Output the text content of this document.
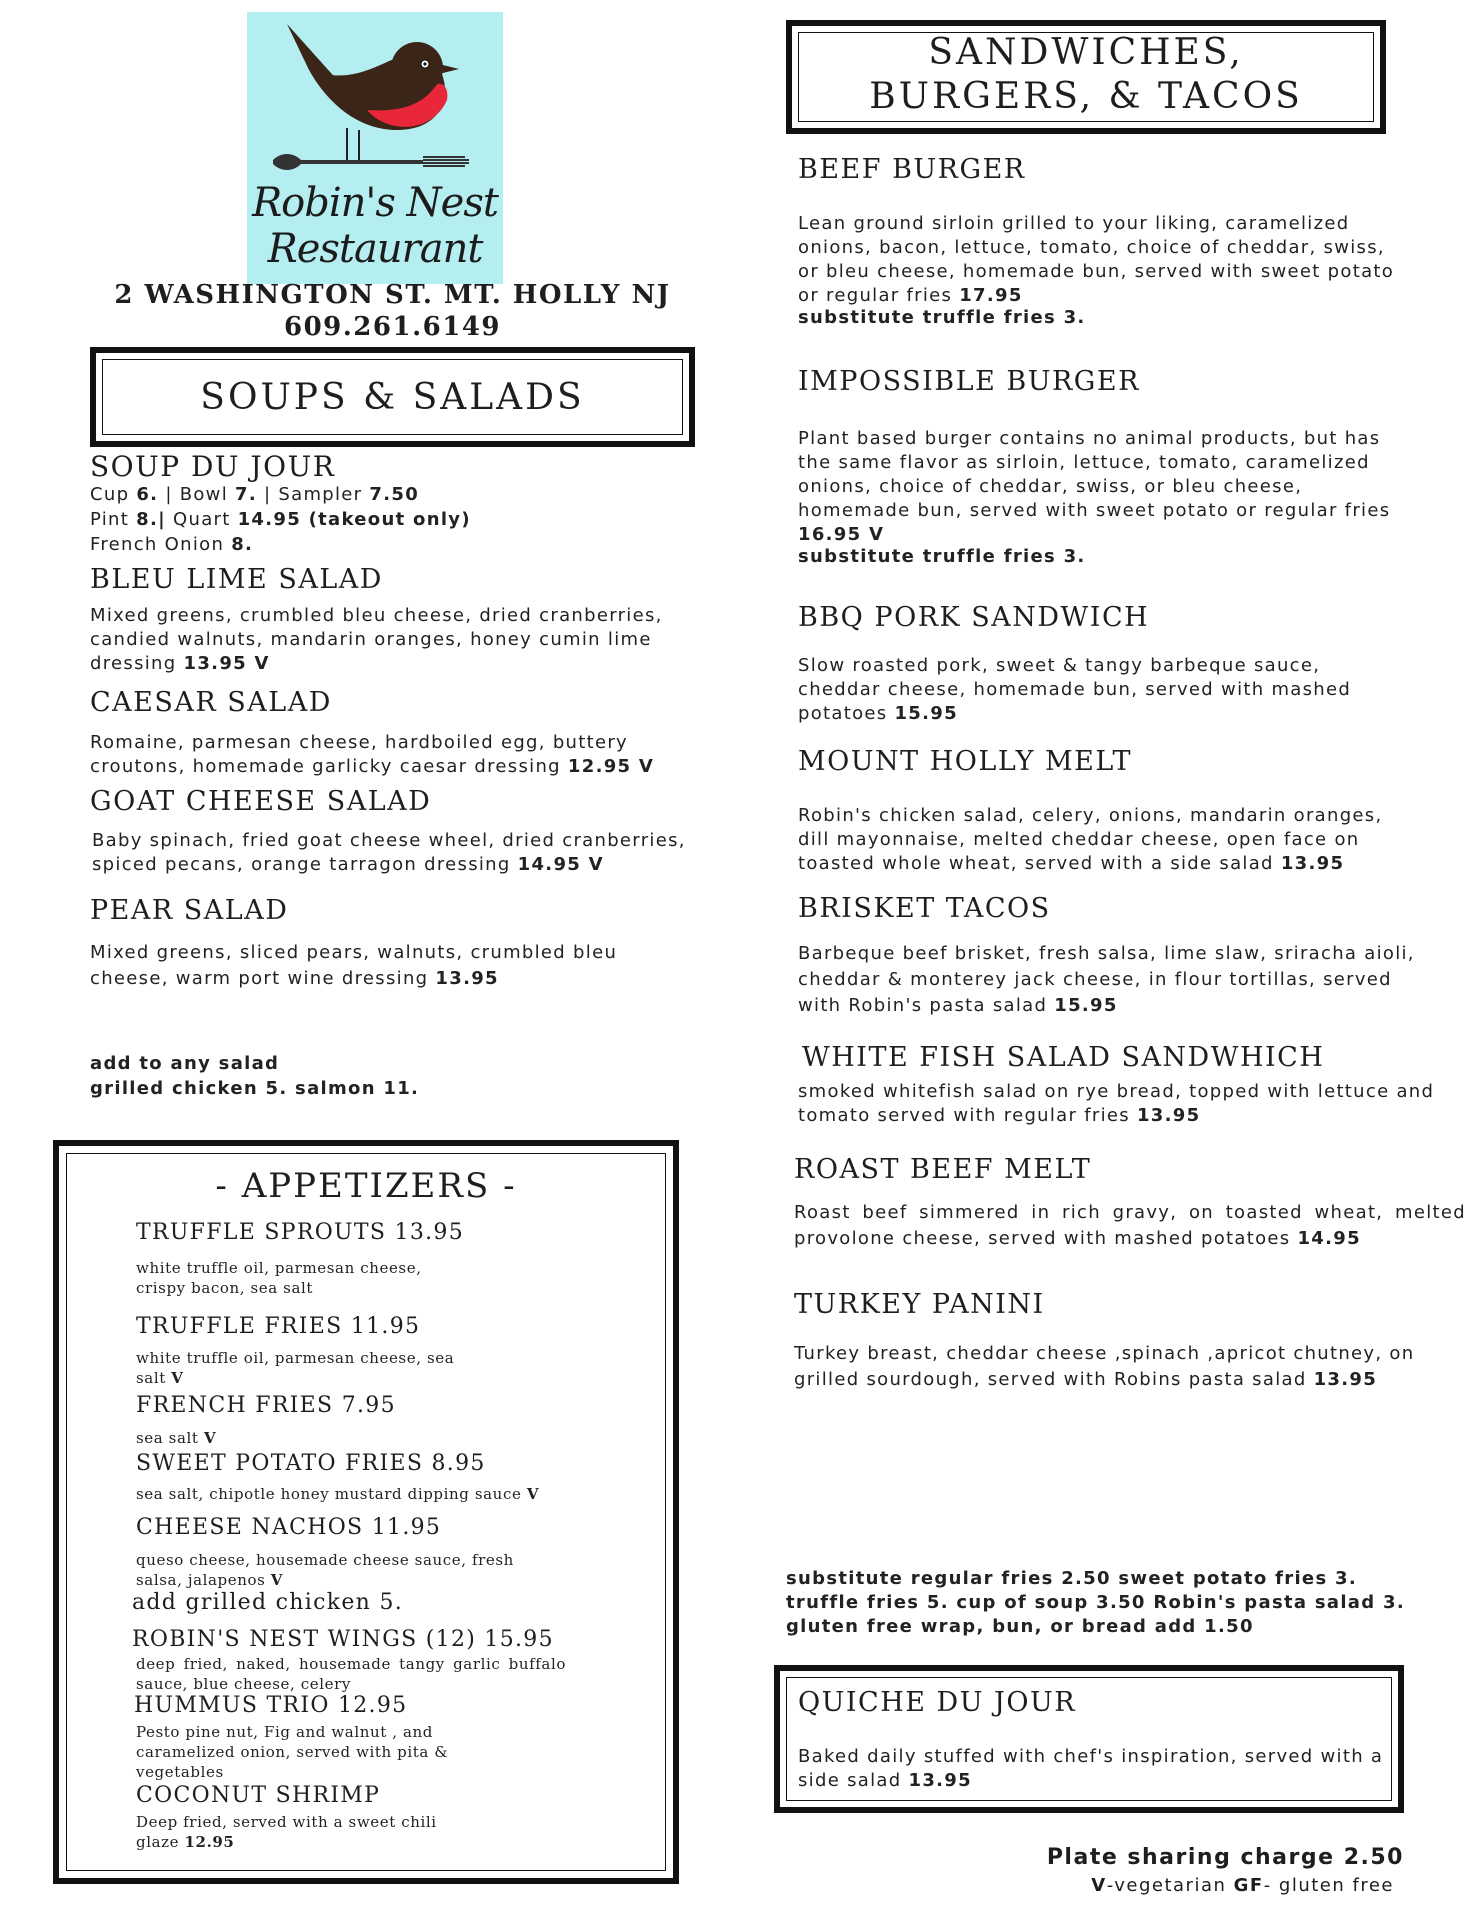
Robin's Nest
Restaurant
2 WASHINGTON ST. MT. HOLLY NJ
609.261.6149
SOUPS & SALADS
SOUP DU JOUR
Cup 6. | Bowl 7. | Sampler 7.50
Pint 8.| Quart 14.95 (takeout only)
French Onion 8.
BLEU LIME SALAD
Mixed greens, crumbled bleu cheese, dried cranberries, candied walnuts, mandarin oranges, honey cumin lime dressing 13.95 V
CAESAR SALAD
Romaine, parmesan cheese, hardboiled egg, buttery croutons, homemade garlicky caesar dressing 12.95 V
GOAT CHEESE SALAD
Baby spinach, fried goat cheese wheel, dried cranberries, spiced pecans, orange tarragon dressing 14.95 V
PEAR SALAD
Mixed greens, sliced pears, walnuts, crumbled bleu cheese, warm port wine dressing 13.95
add to any salad
grilled chicken 5. salmon 11.
- APPETIZERS -
TRUFFLE SPROUTS 13.95
white truffle oil, parmesan cheese, crispy bacon, sea salt
TRUFFLE FRIES 11.95
white truffle oil, parmesan cheese, sea salt V
FRENCH FRIES 7.95
sea salt V
SWEET POTATO FRIES 8.95
sea salt, chipotle honey mustard dipping sauce V
CHEESE NACHOS 11.95
queso cheese, housemade cheese sauce, fresh salsa, jalapenos V
add grilled chicken 5.
ROBIN'S NEST WINGS (12) 15.95
deep fried, naked, housemade tangy garlic buffalo sauce, blue cheese, celery
HUMMUS TRIO 12.95
Pesto pine nut, Fig and walnut , and caramelized onion, served with pita & vegetables
COCONUT SHRIMP
Deep fried, served with a sweet chili glaze 12.95
SANDWICHES,
BURGERS, & TACOS
BEEF BURGER
Lean ground sirloin grilled to your liking, caramelized onions, bacon, lettuce, tomato, choice of cheddar, swiss, or bleu cheese, homemade bun, served with sweet potato or regular fries 17.95
substitute truffle fries 3.
IMPOSSIBLE BURGER
Plant based burger contains no animal products, but has the same flavor as sirloin, lettuce, tomato, caramelized onions, choice of cheddar, swiss, or bleu cheese, homemade bun, served with sweet potato or regular fries 16.95 V
substitute truffle fries 3.
BBQ PORK SANDWICH
Slow roasted pork, sweet & tangy barbeque sauce, cheddar cheese, homemade bun, served with mashed potatoes 15.95
MOUNT HOLLY MELT
Robin's chicken salad, celery, onions, mandarin oranges, dill mayonnaise, melted cheddar cheese, open face on toasted whole wheat, served with a side salad 13.95
BRISKET TACOS
Barbeque beef brisket, fresh salsa, lime slaw, sriracha aioli, cheddar & monterey jack cheese, in flour tortillas, served with Robin's pasta salad 15.95
WHITE FISH SALAD SANDWHICH
smoked whitefish salad on rye bread, topped with lettuce and tomato served with regular fries 13.95
ROAST BEEF MELT
Roast beef simmered in rich gravy, on toasted wheat, melted provolone cheese, served with mashed potatoes 14.95
TURKEY PANINI
Turkey breast, cheddar cheese ,spinach ,apricot chutney, on grilled sourdough, served with Robins pasta salad 13.95
substitute regular fries 2.50 sweet potato fries 3.
truffle fries 5. cup of soup 3.50 Robin's pasta salad 3.
gluten free wrap, bun, or bread add 1.50
QUICHE DU JOUR
Baked daily stuffed with chef's inspiration, served with a side salad 13.95
Plate sharing charge 2.50
V-vegetarian GF- gluten free
